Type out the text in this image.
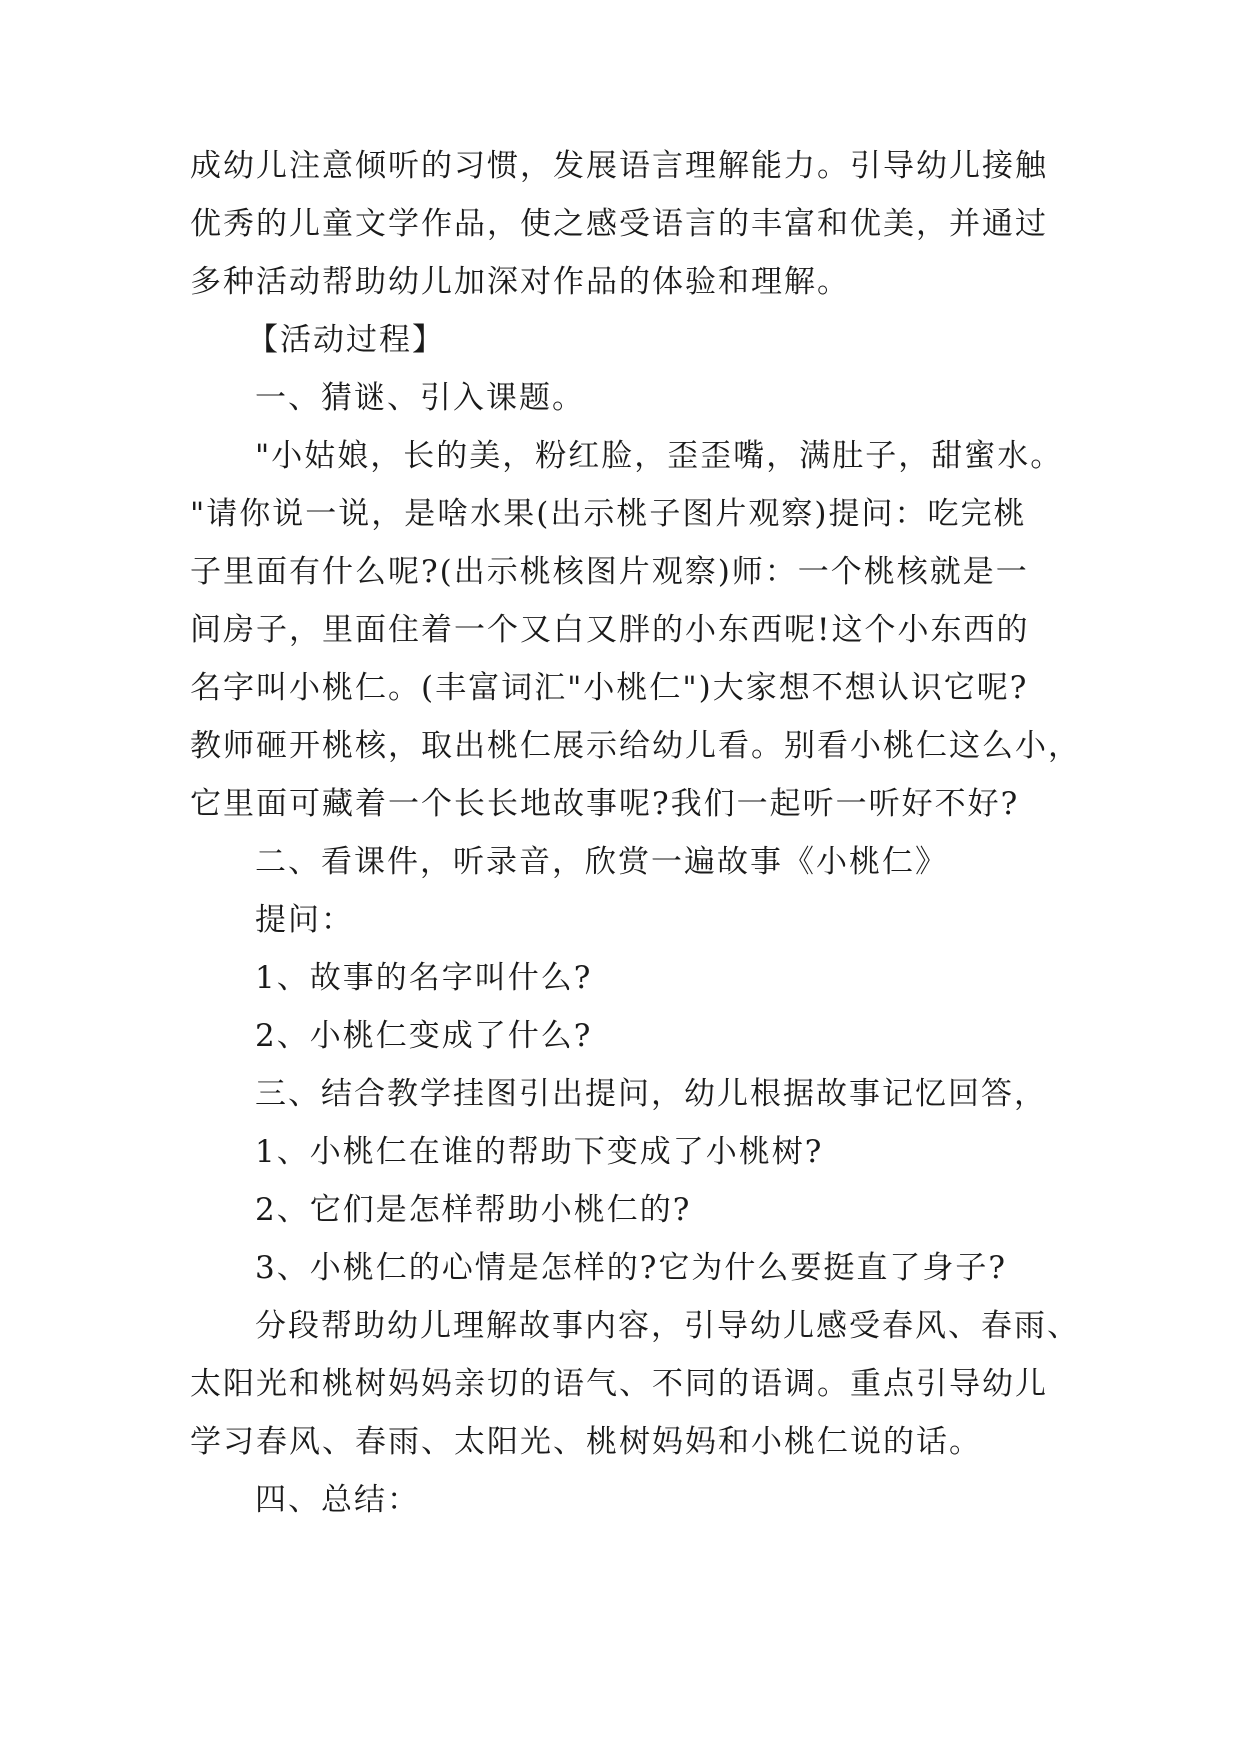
成幼儿注意倾听的习惯，发展语言理解能力。引导幼儿接触
优秀的儿童文学作品，使之感受语言的丰富和优美，并通过
多种活动帮助幼儿加深对作品的体验和理解。
【活动过程】
一、猜谜、引入课题。
"小姑娘，长的美，粉红脸，歪歪嘴，满肚子，甜蜜水。
"请你说一说，是啥水果(出示桃子图片观察)提问：吃完桃
子里面有什么呢?(出示桃核图片观察)师：一个桃核就是一
间房子，里面住着一个又白又胖的小东西呢!这个小东西的
名字叫小桃仁。(丰富词汇"小桃仁")大家想不想认识它呢?
教师砸开桃核，取出桃仁展示给幼儿看。别看小桃仁这么小，
它里面可藏着一个长长地故事呢?我们一起听一听好不好?
二、看课件，听录音，欣赏一遍故事《小桃仁》
提问：
1、故事的名字叫什么?
2、小桃仁变成了什么?
三、结合教学挂图引出提问，幼儿根据故事记忆回答，
1、小桃仁在谁的帮助下变成了小桃树?
2、它们是怎样帮助小桃仁的?
3、小桃仁的心情是怎样的?它为什么要挺直了身子?
分段帮助幼儿理解故事内容，引导幼儿感受春风、春雨、
太阳光和桃树妈妈亲切的语气、不同的语调。重点引导幼儿
学习春风、春雨、太阳光、桃树妈妈和小桃仁说的话。
四、总结：
